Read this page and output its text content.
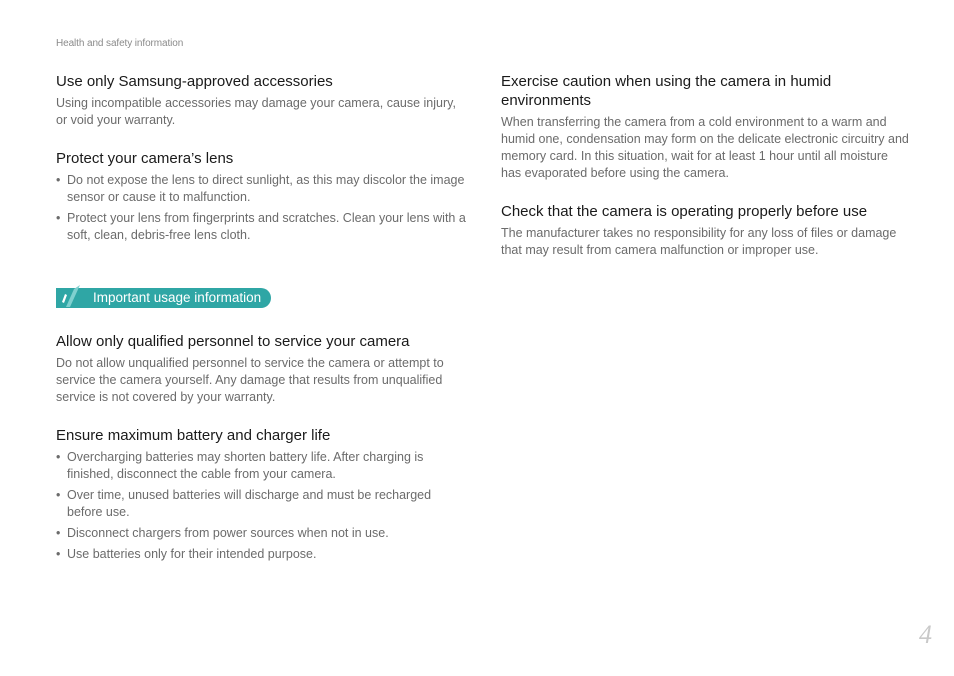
Health and safety information
Use only Samsung-approved accessories

Using incompatible accessories may damage your camera, cause injury, or void your warranty.

Protect your camera’s lens
• Do not expose the lens to direct sunlight, as this may discolor the image sensor or cause it to malfunction.
• Protect your lens from fingerprints and scratches. Clean your lens with a soft, clean, debris-free lens cloth.
Important usage information
Allow only qualified personnel to service your camera

Do not allow unqualified personnel to service the camera or attempt to service the camera yourself. Any damage that results from unqualified service is not covered by your warranty.

Ensure maximum battery and charger life
• Overcharging batteries may shorten battery life. After charging is finished, disconnect the cable from your camera.
• Over time, unused batteries will discharge and must be recharged before use.
• Disconnect chargers from power sources when not in use.
• Use batteries only for their intended purpose.
Exercise caution when using the camera in humid environments

When transferring the camera from a cold environment to a warm and humid one, condensation may form on the delicate electronic circuitry and memory card. In this situation, wait for at least 1 hour until all moisture has evaporated before using the camera.

Check that the camera is operating properly before use

The manufacturer takes no responsibility for any loss of files or damage that may result from camera malfunction or improper use.

4
